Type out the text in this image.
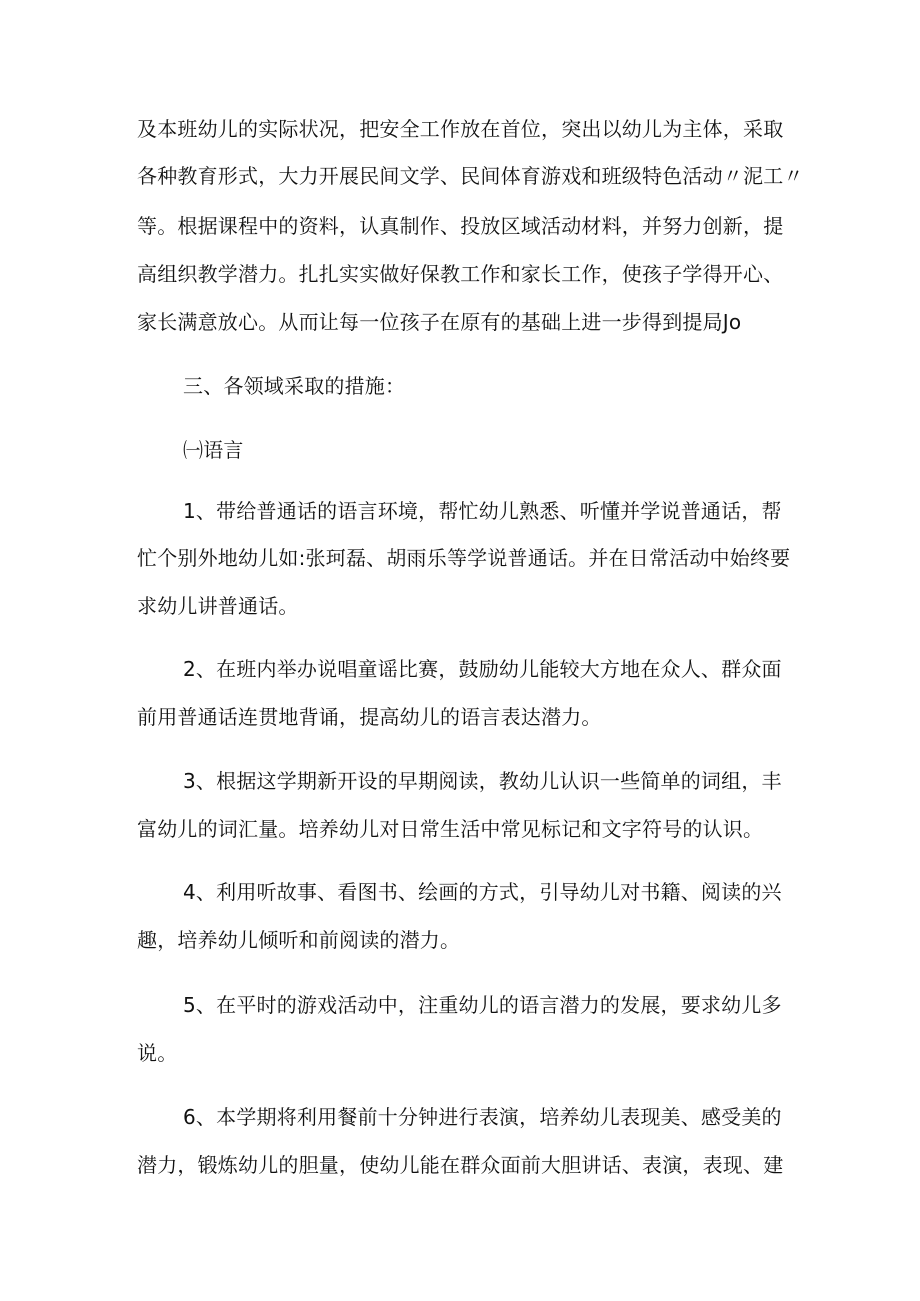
及本班幼儿的实际状况，把安全工作放在首位，突出以幼儿为主体，采取
各种教育形式，大力开展民间文学、民间体育游戏和班级特色活动〃泥工〃
等。根据课程中的资料，认真制作、投放区域活动材料，并努力创新，提
高组织教学潜力。扎扎实实做好保教工作和家长工作，使孩子学得开心、
家长满意放心。从而让每一位孩子在原有的基础上进一步得到提局Jo
三、各领域采取的措施：
㈠语言
1、带给普通话的语言环境，帮忙幼儿熟悉、听懂并学说普通话，帮
忙个别外地幼儿如:张珂磊、胡雨乐等学说普通话。并在日常活动中始终要
求幼儿讲普通话。
2、在班内举办说唱童谣比赛，鼓励幼儿能较大方地在众人、群众面
前用普通话连贯地背诵，提高幼儿的语言表达潜力。
3、根据这学期新开设的早期阅读，教幼儿认识一些简单的词组，丰
富幼儿的词汇量。培养幼儿对日常生活中常见标记和文字符号的认识。
4、利用听故事、看图书、绘画的方式，引导幼儿对书籍、阅读的兴
趣，培养幼儿倾听和前阅读的潜力。
5、在平时的游戏活动中，注重幼儿的语言潜力的发展，要求幼儿多
说。
6、本学期将利用餐前十分钟进行表演，培养幼儿表现美、感受美的
潜力，锻炼幼儿的胆量，使幼儿能在群众面前大胆讲话、表演，表现、建
